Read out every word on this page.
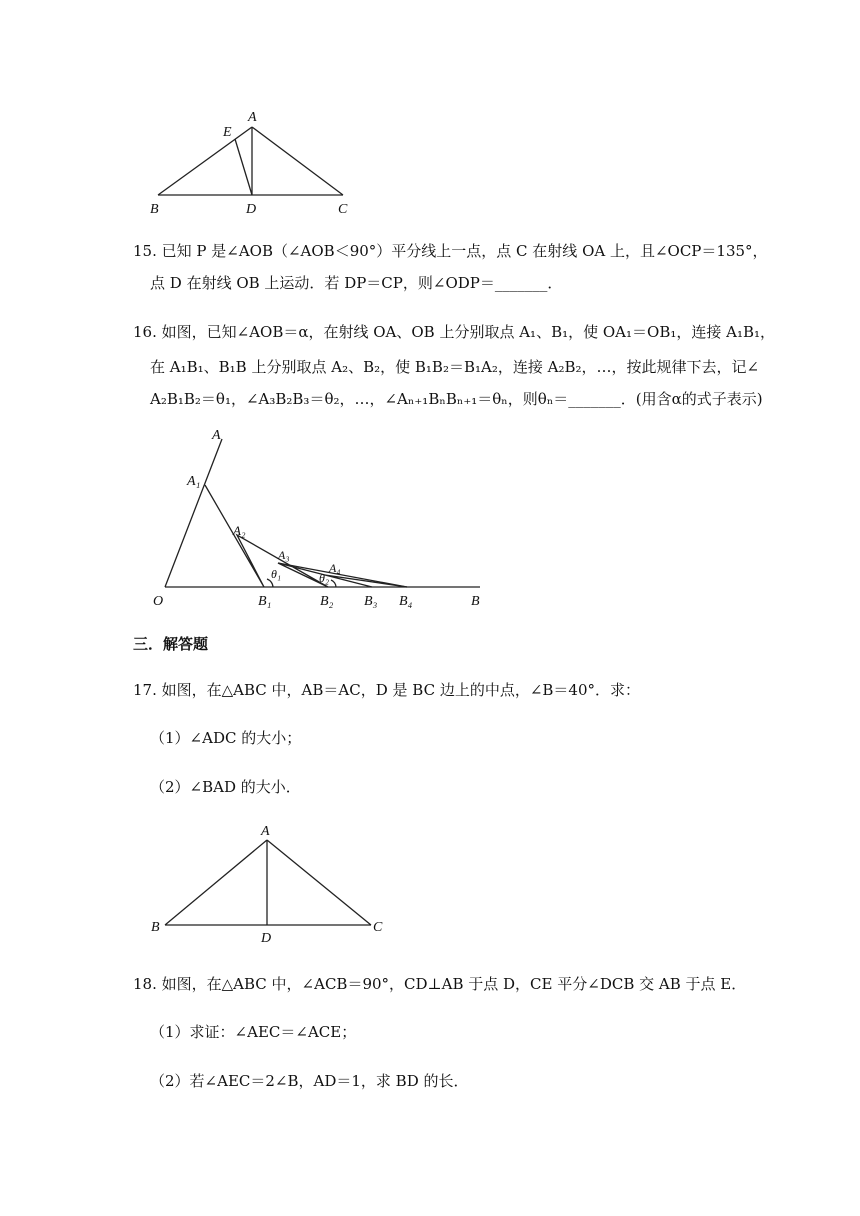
A
E
B	D	C
15. 已知 P 是∠AOB（∠AOB＜90°）平分线上一点，点 C 在射线 OA 上，且∠OCP＝135°，
点 D 在射线 OB 上运动．若 DP＝CP，则∠ODP＝_______．
16. 如图，已知∠AOB＝α，在射线 OA、OB 上分别取点 A₁、B₁，使 OA₁＝OB₁，连接 A₁B₁，
在 A₁B₁、B₁B 上分别取点 A₂、B₂，使 B₁B₂＝B₁A₂，连接 A₂B₂，…，按此规律下去，记∠
A₂B₁B₂＝θ₁，∠A₃B₂B₃＝θ₂，…，∠Aₙ₊₁BₙBₙ₊₁＝θₙ，则θₙ＝_______．(用含α的式子表示)
A
A₁
A₂
A₃
A₄
θ₁	θ₂
O	B₁	B₂ B₃ B₄	B
三．解答题
17. 如图，在△ABC 中，AB＝AC，D 是 BC 边上的中点，∠B＝40°．求：
（1）∠ADC 的大小；
（2）∠BAD 的大小．
A
B
D
C
18. 如图，在△ABC 中，∠ACB＝90°，CD⊥AB 于点 D，CE 平分∠DCB 交 AB 于点 E．
（1）求证：∠AEC＝∠ACE；
（2）若∠AEC＝2∠B，AD＝1，求 BD 的长．
